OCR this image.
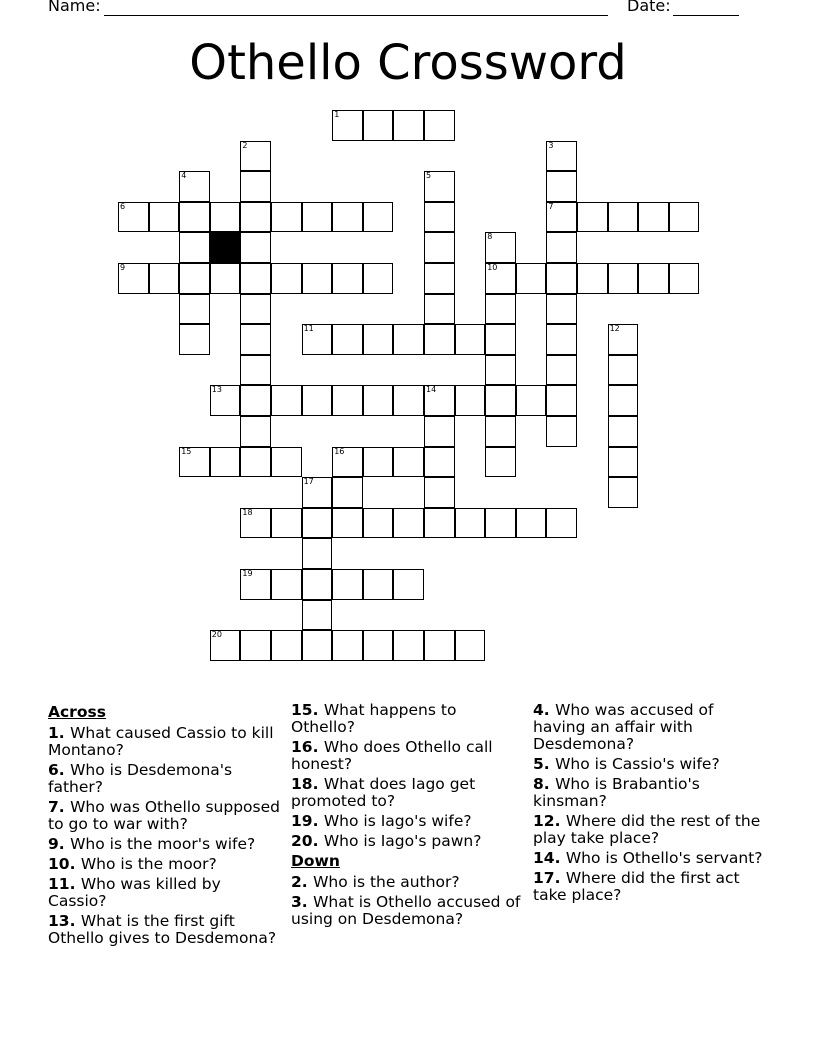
Name:	Date:
Othello Crossword
1
2	3
4	5
6	7
8
9	10
11	12
13	14
15	16
17
18
19
20
Across
1. What caused Cassio to kill Montano?
6. Who is Desdemona's father?
7. Who was Othello supposed to go to war with?
9. Who is the moor's wife?
10. Who is the moor?
11. Who was killed by Cassio?
13. What is the first gift Othello gives to Desdemona?
15. What happens to Othello?
16. Who does Othello call honest?
18. What does Iago get promoted to?
19. Who is Iago's wife?
20. Who is Iago's pawn?
Down
2. Who is the author?
3. What is Othello accused of using on Desdemona?
4. Who was accused of having an affair with Desdemona?
5. Who is Cassio's wife?
8. Who is Brabantio's kinsman?
12. Where did the rest of the play take place?
14. Who is Othello's servant?
17. Where did the first act take place?
